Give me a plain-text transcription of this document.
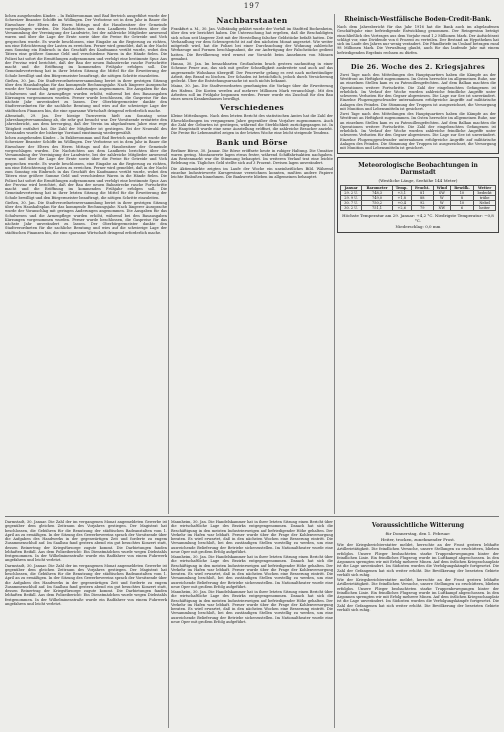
197

lichen ausgehenden Kinder. – In Enkbevomman und Bad Bertrich ausgeführt wurde der Schweizer Beamter Schöffe im Wöllingen. Der Verbotene sei in dem Jahr in Bauer die Einwohner der Eltern des Herrn Mittags und die Hausbesitzer der Gemeinde vorgeschlagen wurden. Die Nachrichten aus dem Landkreis berichten über die Versammlung der Vereinigung der Landwirte, bei der zahlreiche Mitglieder anwesend waren und über die Lage der Ernte sowie über die Preise für Getreide und Vieh gesprochen wurde. Es wurde beschlossen, eine Eingabe an die Regierung zu richten, um eine Erleichterung der Lasten zu erreichen. Ferner wird gemeldet, daß in der Nacht zum Sonntag ein Einbruch in das Geschäft des Kaufmanns verübt wurde, wobei den Tätern eine größere Summe Geld und verschiedene Waren in die Hände fielen. Die Polizei hat sofort die Ermittlungen aufgenommen und verfolgt eine bestimmte Spur. Aus der Provinz wird berichtet, daß der Bau der neuen Bahnstrecke rasche Fortschritte macht und die Eröffnung im kommenden Frühjahr erfolgen soll. Die Gemeindevertretung hat in ihrer letzten Sitzung die Mittel für die Erweiterung der Schule bewilligt und den Bürgermeister beauftragt, die nötigen Schritte einzuleiten.

Gießen, 30. Jan. Die Stadtverordnetenversammlung beriet in ihrer gestrigen Sitzung über den Haushaltsplan für das kommende Rechnungsjahr. Nach längerer Aussprache wurde der Voranschlag mit geringen Änderungen angenommen. Die Ausgaben für das Schulwesen und die Armenpflege wurden erhöht, während bei den Bauausgaben Kürzungen vorgenommen wurden. Ferner wurde beschlossen, die Gaspreise für das nächste Jahr unverändert zu lassen. Der Oberbürgermeister dankte den Stadtverordneten für die sachliche Beratung und wies auf die schwierige Lage der städtischen Finanzen hin, die eine sparsame Wirtschaft dringend erforderlich mache.

Altenstadt, 29. Jan. Der hiesige Turnverein hielt am Sonntag seine Jahreshauptversammlung ab, die sehr gut besucht war. Der Vorsitzende erstattete den Jahresbericht, aus dem hervorging, daß der Verein im abgelaufenen Jahre eine rege Tätigkeit entfaltet hat. Die Zahl der Mitglieder ist gestiegen. Bei der Neuwahl des Vorstandes wurde der bisherige Vorstand einstimmig wiedergewählt.

lichen ausgehenden Kinder. – In Enkbevomman und Bad Bertrich ausgeführt wurde der Schweizer Beamter Schöffe im Wöllingen. Der Verbotene sei in dem Jahr in Bauer die Einwohner der Eltern des Herrn Mittags und die Hausbesitzer der Gemeinde vorgeschlagen wurden. Die Nachrichten aus dem Landkreis berichten über die Versammlung der Vereinigung der Landwirte, bei der zahlreiche Mitglieder anwesend waren und über die Lage der Ernte sowie über die Preise für Getreide und Vieh gesprochen wurde. Es wurde beschlossen, eine Eingabe an die Regierung zu richten, um eine Erleichterung der Lasten zu erreichen. Ferner wird gemeldet, daß in der Nacht zum Sonntag ein Einbruch in das Geschäft des Kaufmanns verübt wurde, wobei den Tätern eine größere Summe Geld und verschiedene Waren in die Hände fielen. Die Polizei hat sofort die Ermittlungen aufgenommen und verfolgt eine bestimmte Spur. Aus der Provinz wird berichtet, daß der Bau der neuen Bahnstrecke rasche Fortschritte macht und die Eröffnung im kommenden Frühjahr erfolgen soll. Die Gemeindevertretung hat in ihrer letzten Sitzung die Mittel für die Erweiterung der Schule bewilligt und den Bürgermeister beauftragt, die nötigen Schritte einzuleiten.

Gießen, 30. Jan. Die Stadtverordnetenversammlung beriet in ihrer gestrigen Sitzung über den Haushaltsplan für das kommende Rechnungsjahr. Nach längerer Aussprache wurde der Voranschlag mit geringen Änderungen angenommen. Die Ausgaben für das Schulwesen und die Armenpflege wurden erhöht, während bei den Bauausgaben Kürzungen vorgenommen wurden. Ferner wurde beschlossen, die Gaspreise für das nächste Jahr unverändert zu lassen. Der Oberbürgermeister dankte den Stadtverordneten für die sachliche Beratung und wies auf die schwierige Lage der städtischen Finanzen hin, die eine sparsame Wirtschaft dringend erforderlich mache.

Nachbarstaaten

Frankfurt a. M., 30. Jan. Vollständig geklärt wurde der Vorfall im Stadtteil Bockenheim, über den wir berichtet haben. Die Untersuchung hat ergeben, daß die Beschuldigten sich schon seit längerer Zeit mit der Herstellung falscher Geldstücke befaßt hatten. Die Verhandlung vor dem Schwurgericht ist auf den nächsten Monat angesetzt. Wie weiter mitgeteilt wird, hat die Polizei bei einer Durchsuchung der Wohnung zahlreiche Werkzeuge und Formen beschlagnahmt, die zur Anfertigung der Falschstücke gedient hatten. Die Bevölkerung wird erneut zur Vorsicht beim Annehmen von Münzen gemahnt.

Hanau, 30. Jan. Im benachbarten Großauheim brach gestern nachmittag in einer Scheune Feuer aus, das sich mit großer Schnelligkeit ausbreitete und auch auf das angrenzende Wohnhaus übergriff. Der Feuerwehr gelang es erst nach mehrstündiger Arbeit, den Brand zu löschen. Der Schaden ist beträchtlich, jedoch durch Versicherung gedeckt. Über die Entstehungsursache ist noch nichts bekannt.

Mainz, 30. Jan. Die Stadtverordneten genehmigten die Vorlage über die Erweiterung des Hafens. Die Kosten werden auf mehrere Millionen Mark veranschlagt. Mit den Arbeiten soll im Frühjahr begonnen werden. Ferner wurde ein Zuschuß für den Bau eines neuen Krankenhauses bewilligt.

Verschiedenes

Kleine Mitteilungen. Nach dem letzten Bericht des statistischen Amtes hat die Zahl der Eheschließungen im vergangenen Jahre gegenüber dem Vorjahre zugenommen. Auch die Zahl der Geburten ist gestiegen, während die Sterblichkeit zurückgegangen ist. In der Hauptstadt wurde eine neue Ausstellung eröffnet, die zahlreiche Besucher anzieht. Die Preise für Lebensmittel zeigen in der letzten Woche eine leicht steigende Tendenz.

Bank und Börse

Berliner Börse, 30. Januar. Die Börse eröffnete heute in ruhiger Haltung. Die Umsätze waren gering. Montanwerte lagen etwas fester, während Schiffahrtsaktien nachgaben. Am Rentenmarkt war die Stimmung behauptet. Im weiteren Verlauf trat eine leichte Belebung ein. Tägliches Geld stellte sich auf 3 Prozent. Devisen lagen unverändert.

Die Aktienmärkte zeigten im Laufe der Woche ein uneinheitliches Bild. Während einzelne Industriewerte Kursgewinne verzeichnen konnten, mußten andere Papiere leichte Einbußen hinnehmen. Die Bankwerte blieben im allgemeinen behauptet.

Rheinisch-Westfälische Boden-Credit-Bank.

Nach dem Jahresbericht für das Jahr 1916 hat die Bank auch im abgelaufenen Geschäftsjahr eine befriedigende Entwicklung genommen. Der Reingewinn beträgt einschließlich des Vortrages aus dem Vorjahr rund 1,2 Millionen Mark. Der Aufsichtsrat schlägt vor, eine Dividende von 6 Prozent zu verteilen. Der Bestand an Hypotheken hat sich im Laufe des Jahres nur wenig verändert. Die Pfandbriefe im Umlauf betragen rund 98 Millionen Mark. Die Verwaltung glaubt, auch für das laufende Jahr mit einem befriedigenden Ergebnis rechnen zu dürfen.

Die 26. Woche des 2. Kriegsjahres

Zwei Tage nach den Mitteilungen des Hauptquartiers haben die Kämpfe an der Westfront an Heftigkeit zugenommen. Im Osten herrschte im allgemeinen Ruhe, nur an einzelnen Stellen kam es zu Patrouillengefechten. Auf dem Balkan machten die Operationen weitere Fortschritte. Die Zahl der eingebrachten Gefangenen ist erheblich. Im Verlauf der Woche wurden zahlreiche feindliche Angriffe unter schweren Verlusten für den Gegner abgewiesen. Die Lage zur See ist unverändert. Einzelne Flugzeuggeschwader unternahmen erfolgreiche Angriffe auf militärische Anlagen des Feindes. Die Stimmung der Truppen ist ausgezeichnet, die Versorgung mit Munition und Lebensmitteln ist gesichert.

Zwei Tage nach den Mitteilungen des Hauptquartiers haben die Kämpfe an der Westfront an Heftigkeit zugenommen. Im Osten herrschte im allgemeinen Ruhe, nur an einzelnen Stellen kam es zu Patrouillengefechten. Auf dem Balkan machten die Operationen weitere Fortschritte. Die Zahl der eingebrachten Gefangenen ist erheblich. Im Verlauf der Woche wurden zahlreiche feindliche Angriffe unter schweren Verlusten für den Gegner abgewiesen. Die Lage zur See ist unverändert. Einzelne Flugzeuggeschwader unternahmen erfolgreiche Angriffe auf militärische Anlagen des Feindes. Die Stimmung der Truppen ist ausgezeichnet, die Versorgung mit Munition und Lebensmitteln ist gesichert.

Meteorologische Beobachtungen in Darmstadt
(Westliche Länge, Seehöhe 144 Meter)
Januar	Barometer	Temp.	Feucht.	Wind	Bewölk.	Wetter
29. 2 U.	748,3	+3,1	81	SW	10	bedeckt
29. 9 U.	749,0	+1,8	88	W	8	trübe
30. 7 U.	750,2	+0,4	92	W	10	Nebel
30. 2 U.	751,1	+2,6	79	NW	6	heiter
Höchste Temperatur am 29. Januar: +4,2 °C. Niedrigste Temperatur: −0,8 °C.
Niederschlag: 0,0 mm

Darmstadt, 30. Januar. Die Zahl der im vergangenen Monat angemeldeten Gewerbe ist gegenüber dem gleichen Zeitraum des Vorjahres gestiegen. Der Magistrat hat beschlossen, die Gebühren für die Benutzung der städtischen Badeanstalten vom 1. April an zu ermäßigen. In der Sitzung des Gewerbevereins sprach der Vorsitzende über die Aufgaben des Handwerks in der gegenwärtigen Zeit und forderte zu engem Zusammenschluß auf. Im Saalbau fand gestern abend ein gut besuchtes Konzert statt, dessen Reinertrag der Kriegsfürsorge zugute kommt. Die Darbietungen fanden lebhaften Beifall. Aus dem Polizeibericht: Ein Dienstmädchen wurde wegen Diebstahls festgenommen. In der Wilhelminenstraße wurde ein Radfahrer von einem Fuhrwerk angefahren und leicht verletzt.

Darmstadt, 30. Januar. Die Zahl der im vergangenen Monat angemeldeten Gewerbe ist gegenüber dem gleichen Zeitraum des Vorjahres gestiegen. Der Magistrat hat beschlossen, die Gebühren für die Benutzung der städtischen Badeanstalten vom 1. April an zu ermäßigen. In der Sitzung des Gewerbevereins sprach der Vorsitzende über die Aufgaben des Handwerks in der gegenwärtigen Zeit und forderte zu engem Zusammenschluß auf. Im Saalbau fand gestern abend ein gut besuchtes Konzert statt, dessen Reinertrag der Kriegsfürsorge zugute kommt. Die Darbietungen fanden lebhaften Beifall. Aus dem Polizeibericht: Ein Dienstmädchen wurde wegen Diebstahls festgenommen. In der Wilhelminenstraße wurde ein Radfahrer von einem Fuhrwerk angefahren und leicht verletzt.

Mannheim, 30. Jan. Die Handelskammer hat in ihrer letzten Sitzung einen Bericht über die wirtschaftliche Lage des Bezirks entgegengenommen. Danach hat sich die Beschäftigung in den meisten Industriezweigen auf befriedigender Höhe gehalten. Der Verkehr im Hafen war lebhaft. Ferner wurde über die Frage der Kohlenversorgung beraten. Es wird erwartet, daß in den nächsten Wochen eine Besserung eintritt. Die Versammlung beschloß, bei den zuständigen Stellen vorstellig zu werden, um eine ausreichende Belieferung der Betriebe sicherzustellen. Im Nationaltheater wurde eine neue Oper mit großem Erfolg aufgeführt.

Mannheim, 30. Jan. Die Handelskammer hat in ihrer letzten Sitzung einen Bericht über die wirtschaftliche Lage des Bezirks entgegengenommen. Danach hat sich die Beschäftigung in den meisten Industriezweigen auf befriedigender Höhe gehalten. Der Verkehr im Hafen war lebhaft. Ferner wurde über die Frage der Kohlenversorgung beraten. Es wird erwartet, daß in den nächsten Wochen eine Besserung eintritt. Die Versammlung beschloß, bei den zuständigen Stellen vorstellig zu werden, um eine ausreichende Belieferung der Betriebe sicherzustellen. Im Nationaltheater wurde eine neue Oper mit großem Erfolg aufgeführt.

Mannheim, 30. Jan. Die Handelskammer hat in ihrer letzten Sitzung einen Bericht über die wirtschaftliche Lage des Bezirks entgegengenommen. Danach hat sich die Beschäftigung in den meisten Industriezweigen auf befriedigender Höhe gehalten. Der Verkehr im Hafen war lebhaft. Ferner wurde über die Frage der Kohlenversorgung beraten. Es wird erwartet, daß in den nächsten Wochen eine Besserung eintritt. Die Versammlung beschloß, bei den zuständigen Stellen vorstellig zu werden, um eine ausreichende Belieferung der Betriebe sicherzustellen. Im Nationaltheater wurde eine neue Oper mit großem Erfolg aufgeführt.

Voraussichtliche Witterung
für Donnerstag, den 1. Februar:
Heiter, trocken, zunehmender Frost.

Wie der Kriegsberichterstatter meldet, herrschte an der Front gestern lebhafte Artillerietätigkeit. Die feindlichen Versuche, unsere Stellungen zu erschüttern, blieben erfolglos. Unsere Flieger beobachteten starke Truppenbewegungen hinter der feindlichen Linie. Ein feindliches Flugzeug wurde im Luftkampf abgeschossen. In den Argonnen sprengten wir mit Erfolg mehrere Minen. Auf dem östlichen Kriegsschauplatz ist die Lage unverändert. Im Südosten wurden die Verfolgungskämpfe fortgesetzt. Die Zahl der Gefangenen hat sich weiter erhöht. Die Bevölkerung der besetzten Gebiete verhält sich ruhig.

Wie der Kriegsberichterstatter meldet, herrschte an der Front gestern lebhafte Artillerietätigkeit. Die feindlichen Versuche, unsere Stellungen zu erschüttern, blieben erfolglos. Unsere Flieger beobachteten starke Truppenbewegungen hinter der feindlichen Linie. Ein feindliches Flugzeug wurde im Luftkampf abgeschossen. In den Argonnen sprengten wir mit Erfolg mehrere Minen. Auf dem östlichen Kriegsschauplatz ist die Lage unverändert. Im Südosten wurden die Verfolgungskämpfe fortgesetzt. Die Zahl der Gefangenen hat sich weiter erhöht. Die Bevölkerung der besetzten Gebiete verhält sich ruhig.
